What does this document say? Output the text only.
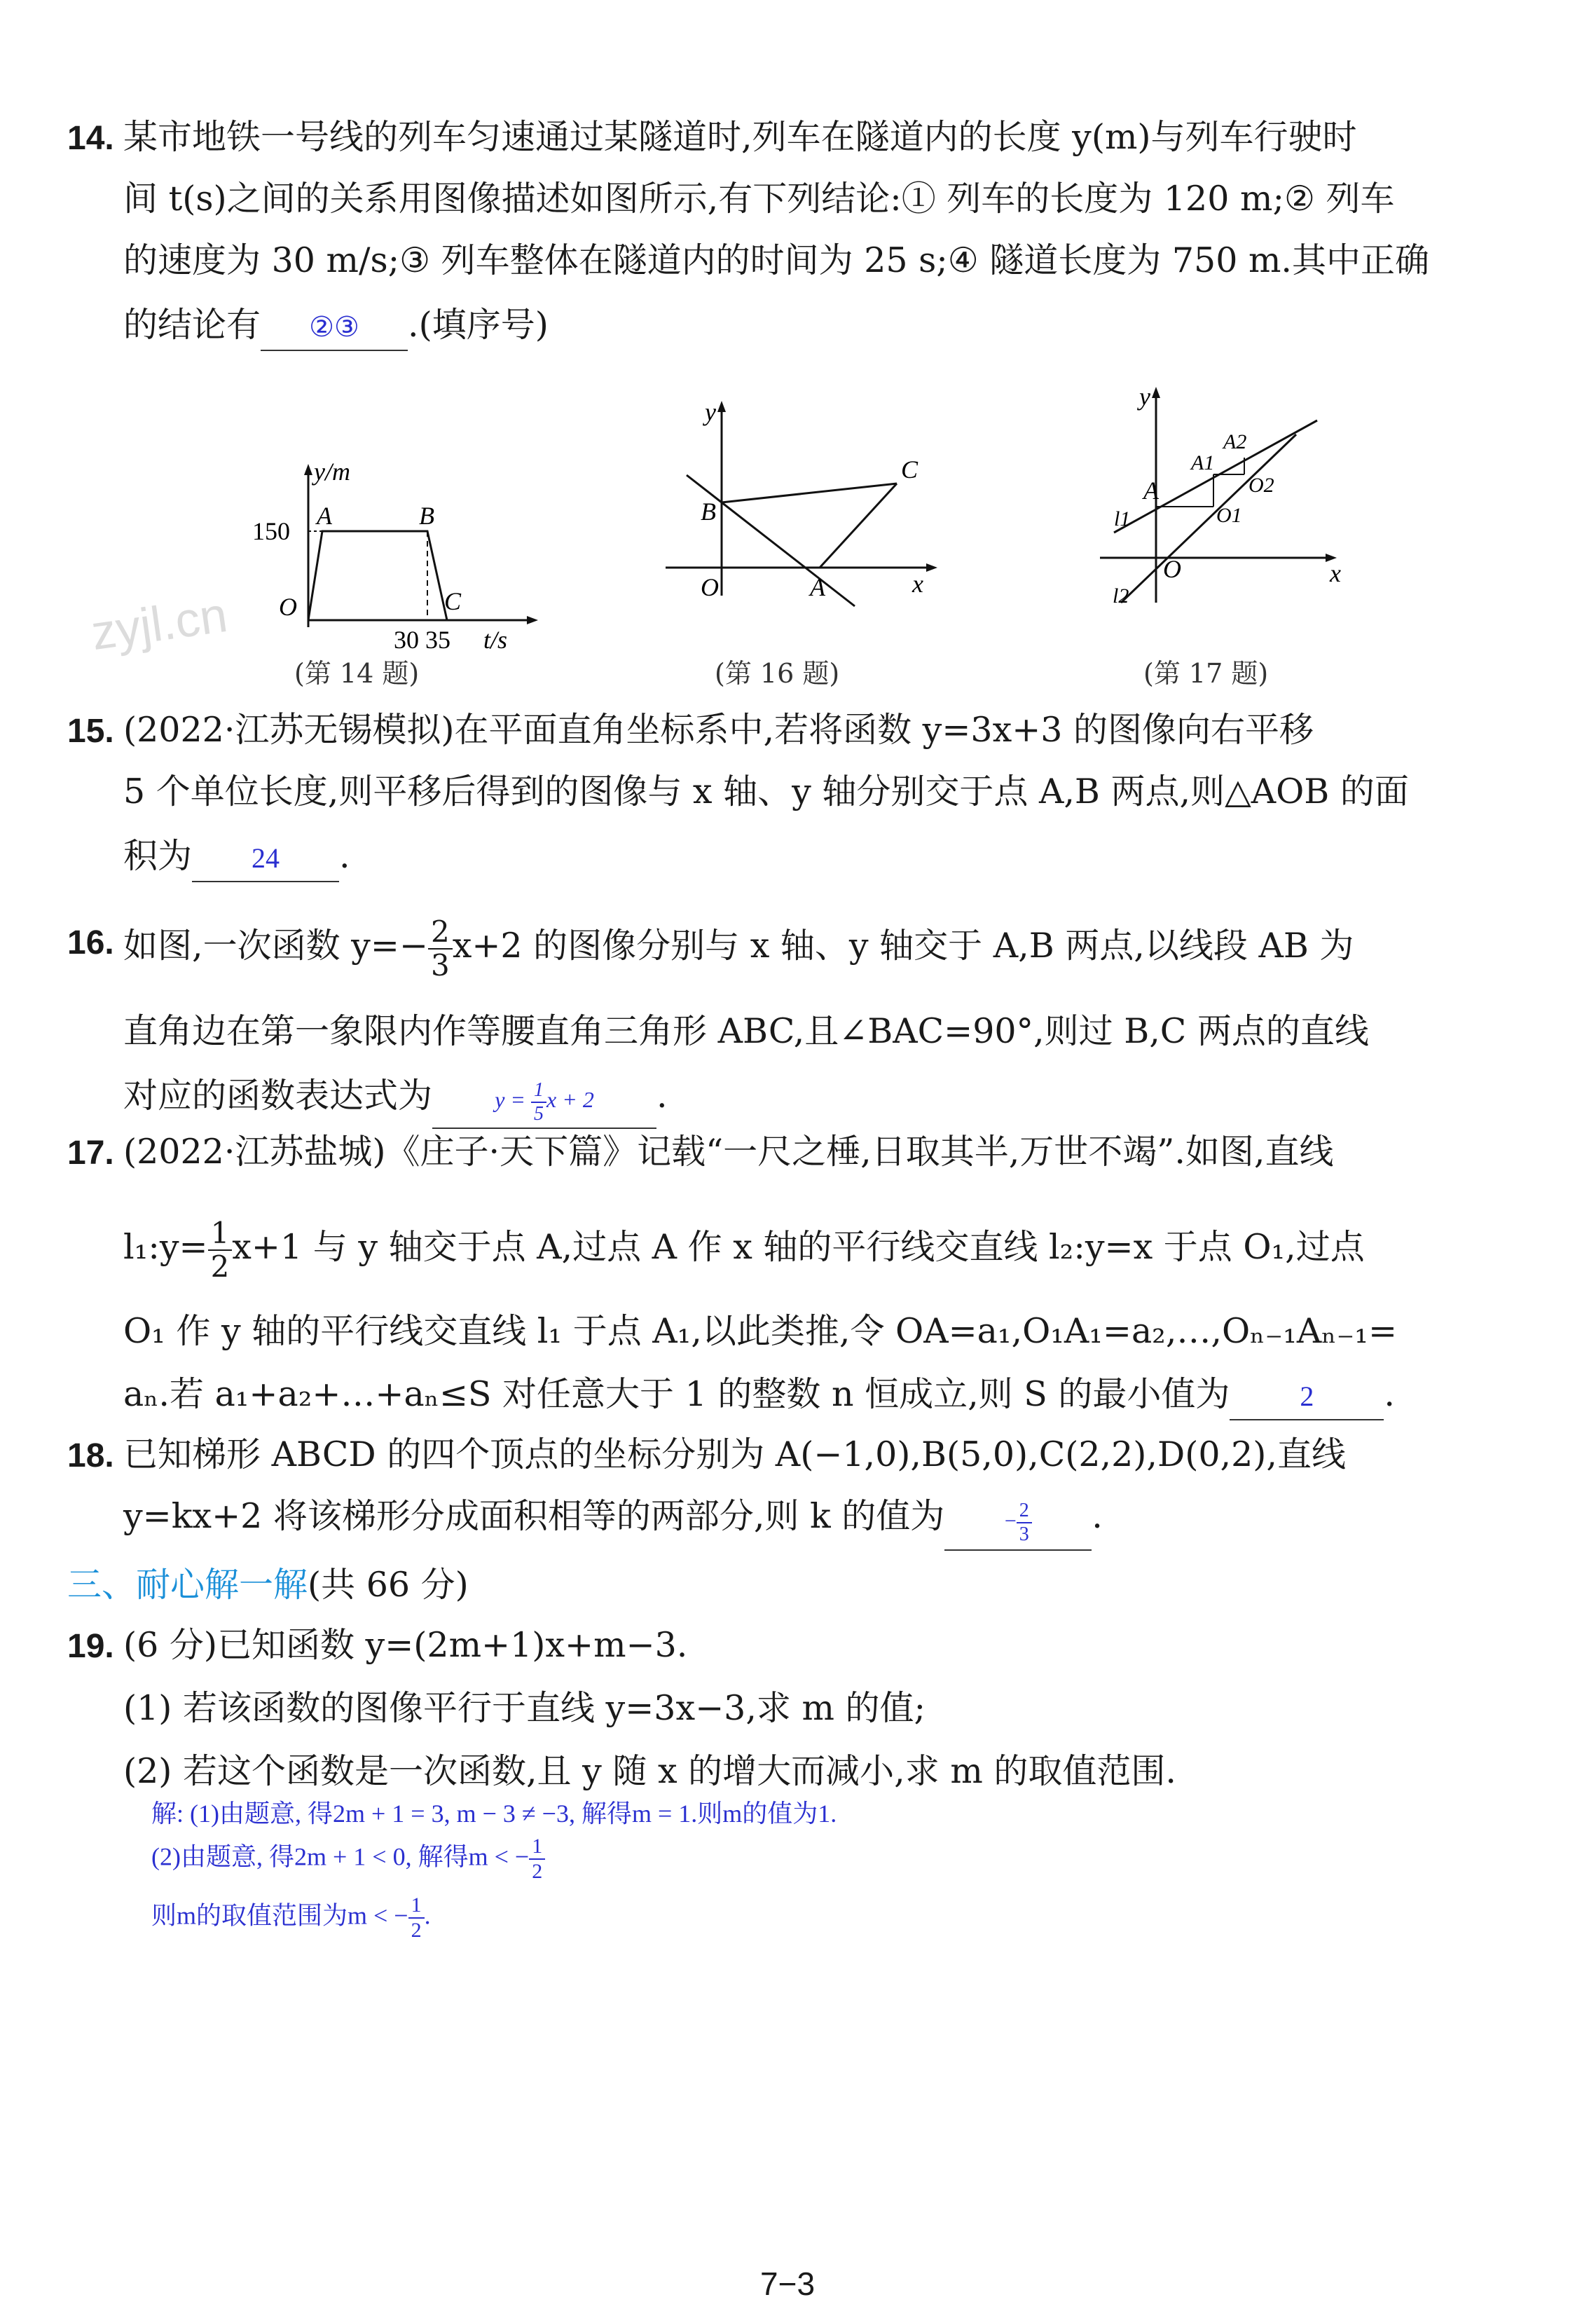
zyjl.cn
14. 某市地铁一号线的列车匀速通过某隧道时,列车在隧道内的长度 y(m)与列车行驶时
间 t(s)之间的关系用图像描述如图所示,有下列结论:① 列车的长度为 120 m;② 列车
的速度为 30 m/s;③ 列车整体在隧道内的时间为 25 s;④ 隧道长度为 750 m.其中正确
的结论有 ②③ .(填序号)
y/m
150
A	B
C
O
30 35 t/s
(第 14 题)
y
x
O	A
B
C
(第 16 题)
y
x
O
A
A1
A2
O1
O2
l1
l2
(第 17 题)
15. (2022·江苏无锡模拟)在平面直角坐标系中,若将函数 y=3x+3 的图像向右平移
5 个单位长度,则平移后得到的图像与 x 轴、y 轴分别交于点 A,B 两点,则△AOB 的面
积为 24 .
16. 如图,一次函数 $y=- \frac{2}{3} x+2$ 的图像分别与 x 轴、y 轴交于 A,B 两点,以线段 AB 为
直角边在第一象限内作等腰直角三角形 ABC,且∠BAC=90°,则过 B,C 两点的直线
对应的函数表达式为	$y = \frac{1}{5}$ x + 2 .
17. (2022·江苏盐城)《庄子·天下篇》记载“一尺之棰,日取其半,万世不竭”.如图,直线
l₁:y= $\frac{1}{2} x+1$ 与 y 轴交于点 A,过点 A 作 x 轴的平行线交直线 l₂:y=x 于点 O₁,过点
O₁ 作 y 轴的平行线交直线 l₁ 于点 A₁,以此类推,令 OA=a₁,O₁A₁=a₂,…,Oₙ₋₁Aₙ₋₁=
aₙ.若 a₁+a₂+…+aₙ≤S 对任意大于 1 的整数 n 恒成立,则 S 的最小值为	2 .
18. 已知梯形 ABCD 的四个顶点的坐标分别为 A(−1,0),B(5,0),C(2,2),D(0,2),直线
y=kx+2 将该梯形分成面积相等的两部分,则 k 的值为	− $\frac{2}{3}$ .
三、耐心解一解(共 66 分)
19. (6 分)已知函数 y=(2m+1)x+m−3.
(1) 若该函数的图像平行于直线 y=3x−3,求 m 的值;
(2) 若这个函数是一次函数,且 y 随 x 的增大而减小,求 m 的取值范围.
解: (1)由题意, 得2m + 1 = 3, m − 3 ≠ −3, 解得m = 1.则m的值为1.
(2)由题意, 得2m + 1 < 0, 解得m < − $\frac{1}{2}$
则m的取值范围为m < − $\frac{1}{2}$ .
7−3
